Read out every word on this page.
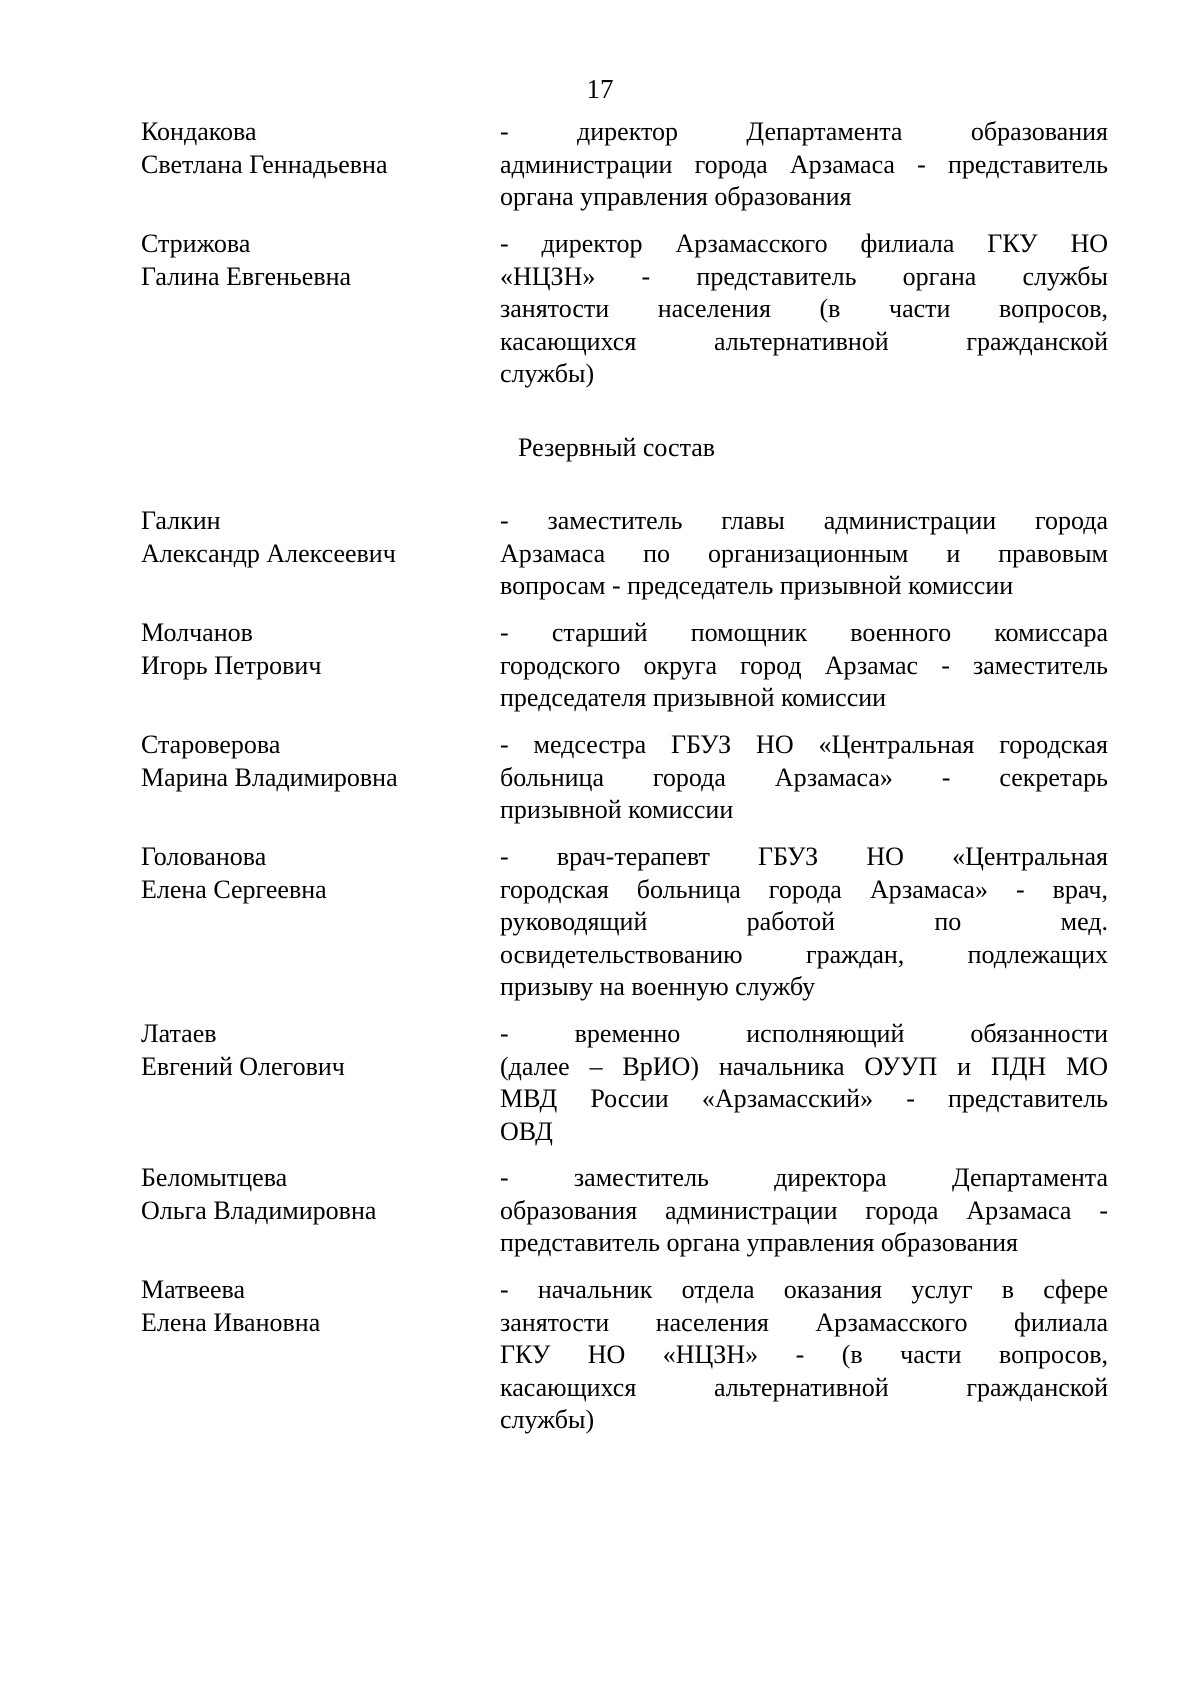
17
Кондакова
Светлана Геннадьевна
- директор Департамента образования
администрации города Арзамаса - представитель
органа управления образования
Стрижова
Галина Евгеньевна
- директор Арзамасского филиала ГКУ НО
«НЦЗН» - представитель органа службы
занятости населения (в части вопросов,
касающихся альтернативной гражданской
службы)
Резервный состав
Галкин
Александр Алексеевич
- заместитель главы администрации города
Арзамаса по организационным и правовым
вопросам - председатель призывной комиссии
Молчанов
Игорь Петрович
- старший помощник военного комиссара
городского округа город Арзамас - заместитель
председателя призывной комиссии
Староверова
Марина Владимировна
- медсестра ГБУЗ НО «Центральная городская
больница города Арзамаса» - секретарь
призывной комиссии
Голованова
Елена Сергеевна
- врач-терапевт ГБУЗ НО «Центральная
городская больница города Арзамаса» - врач,
руководящий работой по мед.
освидетельствованию граждан, подлежащих
призыву на военную службу
Латаев
Евгений Олегович
- временно исполняющий обязанности
(далее – ВрИО) начальника ОУУП и ПДН МО
МВД России «Арзамасский» - представитель
ОВД
Беломытцева
Ольга Владимировна
- заместитель директора Департамента
образования администрации города Арзамаса -
представитель органа управления образования
Матвеева
Елена Ивановна
- начальник отдела оказания услуг в сфере
занятости населения Арзамасского филиала
ГКУ НО «НЦЗН» - (в части вопросов,
касающихся альтернативной гражданской
службы)
